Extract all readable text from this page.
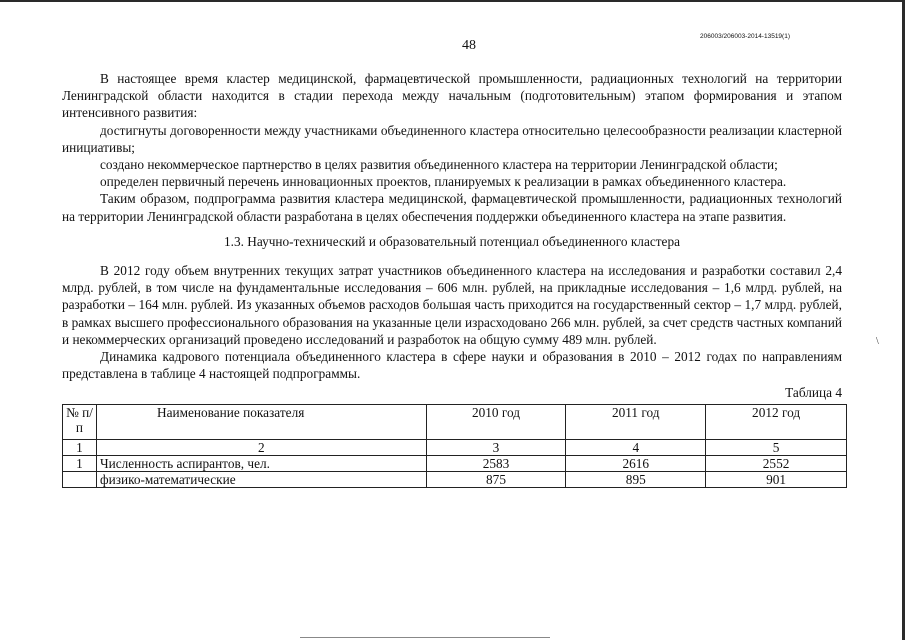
48
206003/206003-2014-13519(1)
\

В настоящее время кластер медицинской, фармацевтической промышленности, радиационных технологий на территории Ленинградской области находится в стадии перехода между начальным (подготовительным) этапом формирования и этапом интенсивного развития:

достигнуты договоренности между участниками объединенного кластера относительно целесообразности реализации кластерной инициативы;

создано некоммерческое партнерство в целях развития объединенного кластера на территории Ленинградской области;

определен первичный перечень инновационных проектов, планируемых к реализации в рамках объединенного кластера.

Таким образом, подпрограмма развития кластера медицинской, фармацевтической промышленности, радиационных технологий на территории Ленинградской области разработана в целях обеспечения поддержки объединенного кластера на этапе развития.

1.3. Научно-технический и образовательный потенциал объединенного кластера

В 2012 году объем внутренних текущих затрат участников объединенного кластера на исследования и разработки составил 2,4 млрд. рублей, в том числе на фундаментальные исследования – 606 млн. рублей, на прикладные исследования – 1,6 млрд. рублей, на разработки – 164 млн. рублей. Из указанных объемов расходов большая часть приходится на государственный сектор – 1,7 млрд. рублей, в рамках высшего профессионального образования на указанные цели израсходовано 266 млн. рублей, за счет средств частных компаний и некоммерческих организаций проведено исследований и разработок на общую сумму 489 млн. рублей.

Динамика кадрового потенциала объединенного кластера в сфере науки и образования в 2010 – 2012 годах по направлениям представлена в таблице 4 настоящей подпрограммы.

Таблица 4
№ п/п	Наименование показателя	2010 год	2011 год	2012 год
1	2	3	4	5
1	Численность аспирантов, чел.	2583	2616	2552
	физико-математические	875	895	901
